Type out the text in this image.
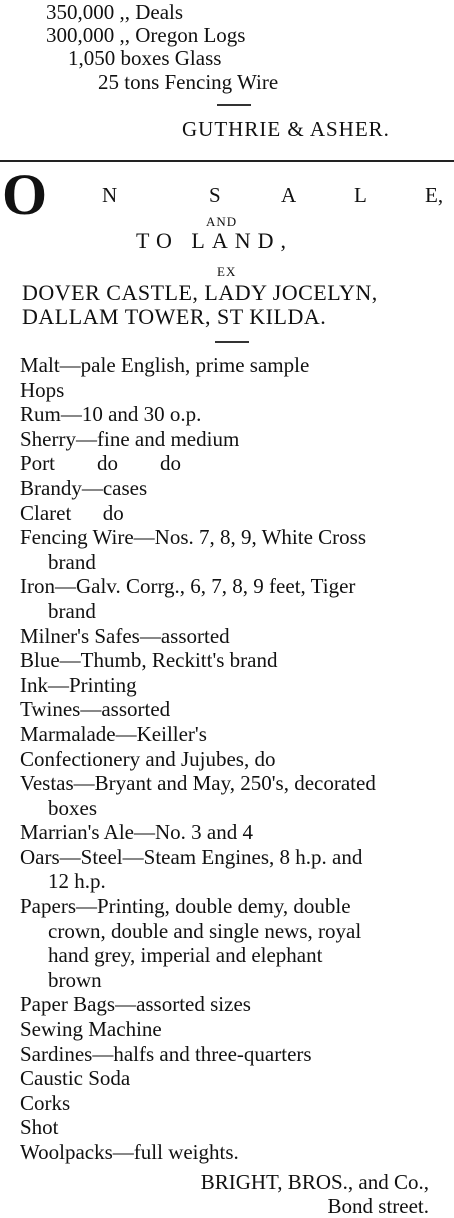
350,000 ,, Deals
300,000 ,, Oregon Logs
1,050 boxes Glass
25 tons Fencing Wire
GUTHRIE & ASHER.
O	N	S	A	L	E,
AND
TO LAND,
EX
DOVER CASTLE, LADY JOCELYN,
DALLAM TOWER, ST KILDA.
Malt—pale English, prime sample
Hops
Rum—10 and 30 o.p.
Sherry—fine and medium
Port        do        do
Brandy—cases
Claret      do
Fencing Wire—Nos. 7, 8, 9, White Cross
brand
Iron—Galv. Corrg., 6, 7, 8, 9 feet, Tiger
brand
Milner's Safes—assorted
Blue—Thumb, Reckitt's brand
Ink—Printing
Twines—assorted
Marmalade—Keiller's
Confectionery and Jujubes, do
Vestas—Bryant and May, 250's, decorated
boxes
Marrian's Ale—No. 3 and 4
Oars—Steel—Steam Engines, 8 h.p. and
12 h.p.
Papers—Printing, double demy, double
crown, double and single news, royal
hand grey, imperial and elephant
brown
Paper Bags—assorted sizes
Sewing Machine
Sardines—halfs and three-quarters
Caustic Soda
Corks
Shot
Woolpacks—full weights.
BRIGHT, BROS., and Co.,
Bond street.
